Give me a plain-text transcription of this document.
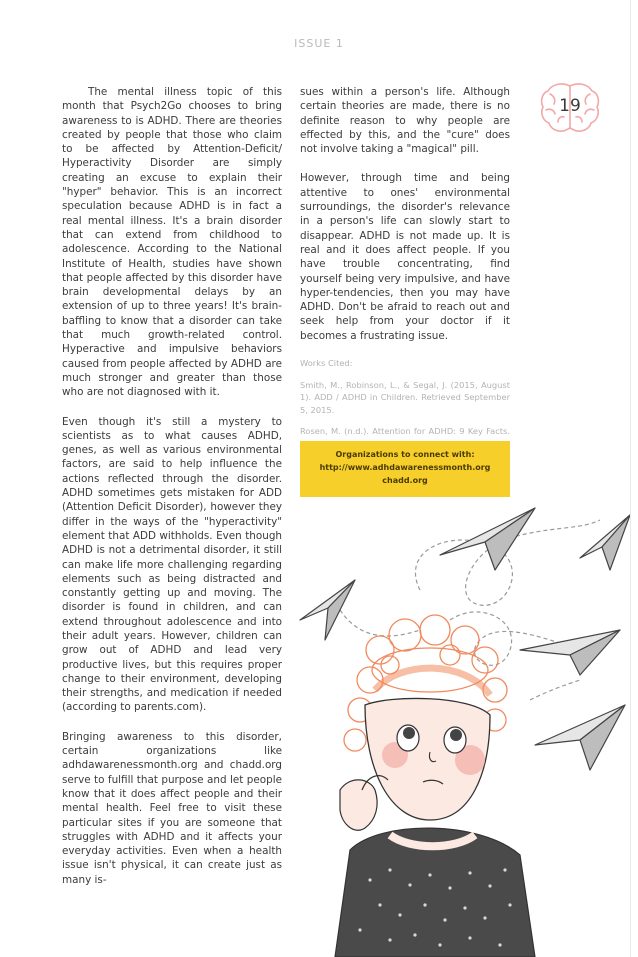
ISSUE 1
19

The mental illness topic of this month that Psych2Go chooses to bring awareness to is ADHD. There are theories created by people that those who claim to be affected by Attention-Deficit/ Hyperactivity Disorder are simply creating an excuse to explain their "hyper" behavior. This is an incorrect speculation because ADHD is in fact a real mental illness. It's a brain disorder that can extend from childhood to adolescence. According to the National Institute of Health, studies have shown that people affected by this disorder have brain developmental delays by an extension of up to three years! It's brain-baffling to know that a disorder can take that much growth-related control. Hyperactive and impulsive behaviors caused from people affected by ADHD are much stronger and greater than those who are not diagnosed with it.

Even though it's still a mystery to scientists as to what causes ADHD, genes, as well as various environmental factors, are said to help influence the actions reflected through the disorder. ADHD sometimes gets mistaken for ADD (Attention Deficit Disorder), however they differ in the ways of the "hyperactivity" element that ADD withholds. Even though ADHD is not a detrimental disorder, it still can make life more challenging regarding elements such as being distracted and constantly getting up and moving. The disorder is found in children, and can extend throughout adolescence and into their adult years. However, children can grow out of ADHD and lead very productive lives, but this requires proper change to their environment, developing their strengths, and medication if needed (according to parents.com).

Bringing awareness to this disorder, certain organizations like adhdawarenessmonth.org and chadd.org serve to fulfill that purpose and let people know that it does affect people and their mental health. Feel free to visit these particular sites if you are someone that struggles with ADHD and it affects your everyday activities. Even when a health issue isn't physical, it can create just as many is-

sues within a person's life. Although certain theories are made, there is no definite reason to why people are effected by this, and the "cure" does not involve taking a "magical" pill.

However, through time and being attentive to ones' environmental surroundings, the disorder's relevance in a person's life can slowly start to disappear. ADHD is not made up. It is real and it does affect people. If you have trouble concentrating, find yourself being very impulsive, and have hyper-tendencies, then you may have ADHD. Don't be afraid to reach out and seek help from your doctor if it becomes a frustrating issue.

Works Cited:

Smith, M., Robinson, L., & Segal, J. (2015, August 1). ADD / ADHD in Children. Retrieved September 5, 2015.

Rosen, M. (n.d.). Attention for ADHD: 9 Key Facts.

Organizations to connect with:
http://www.adhdawarenessmonth.org
chadd.org
